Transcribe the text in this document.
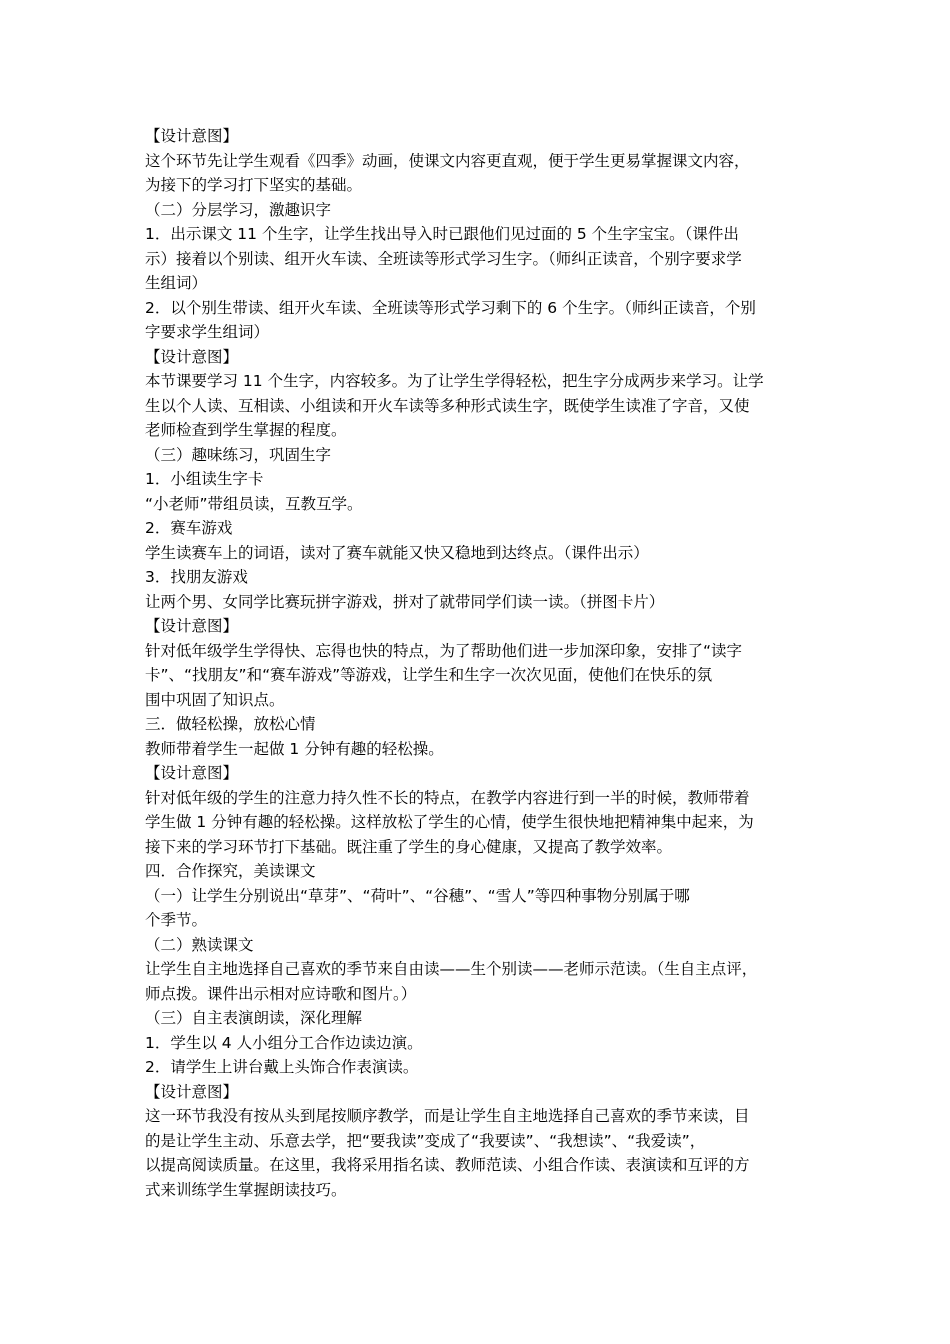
【设计意图】
这个环节先让学生观看《四季》动画，使课文内容更直观，便于学生更易掌握课文内容，
为接下的学习打下坚实的基础。
（二）分层学习，激趣识字
1．出示课文 11 个生字，让学生找出导入时已跟他们见过面的 5 个生字宝宝。（课件出
示）接着以个别读、组开火车读、全班读等形式学习生字。（师纠正读音，个别字要求学
生组词）
2．以个别生带读、组开火车读、全班读等形式学习剩下的 6 个生字。（师纠正读音，个别
字要求学生组词）
【设计意图】
本节课要学习 11 个生字，内容较多。为了让学生学得轻松，把生字分成两步来学习。让学
生以个人读、互相读、小组读和开火车读等多种形式读生字，既使学生读准了字音，又使
老师检查到学生掌握的程度。
（三）趣味练习，巩固生字
1．小组读生字卡
“小老师”带组员读，互教互学。
2．赛车游戏
学生读赛车上的词语，读对了赛车就能又快又稳地到达终点。（课件出示）
3．找朋友游戏
让两个男、女同学比赛玩拼字游戏，拼对了就带同学们读一读。（拼图卡片）
【设计意图】
针对低年级学生学得快、忘得也快的特点，为了帮助他们进一步加深印象，安排了“读字
卡”、“找朋友”和“赛车游戏”等游戏，让学生和生字一次次见面，使他们在快乐的氛
围中巩固了知识点。
三．做轻松操，放松心情
教师带着学生一起做 1 分钟有趣的轻松操。
【设计意图】
针对低年级的学生的注意力持久性不长的特点，在教学内容进行到一半的时候，教师带着
学生做 1 分钟有趣的轻松操。这样放松了学生的心情，使学生很快地把精神集中起来，为
接下来的学习环节打下基础。既注重了学生的身心健康，又提高了教学效率。
四．合作探究，美读课文
（一）让学生分别说出“草芽”、“荷叶”、“谷穗”、“雪人”等四种事物分别属于哪
个季节。
（二）熟读课文
让学生自主地选择自己喜欢的季节来自由读——生个别读——老师示范读。（生自主点评，
师点拨。课件出示相对应诗歌和图片。）
（三）自主表演朗读，深化理解
1．学生以 4 人小组分工合作边读边演。
2．请学生上讲台戴上头饰合作表演读。
【设计意图】
这一环节我没有按从头到尾按顺序教学，而是让学生自主地选择自己喜欢的季节来读，目
的是让学生主动、乐意去学，把“要我读”变成了“我要读”、“我想读”、“我爱读”，
以提高阅读质量。在这里，我将采用指名读、教师范读、小组合作读、表演读和互评的方
式来训练学生掌握朗读技巧。
